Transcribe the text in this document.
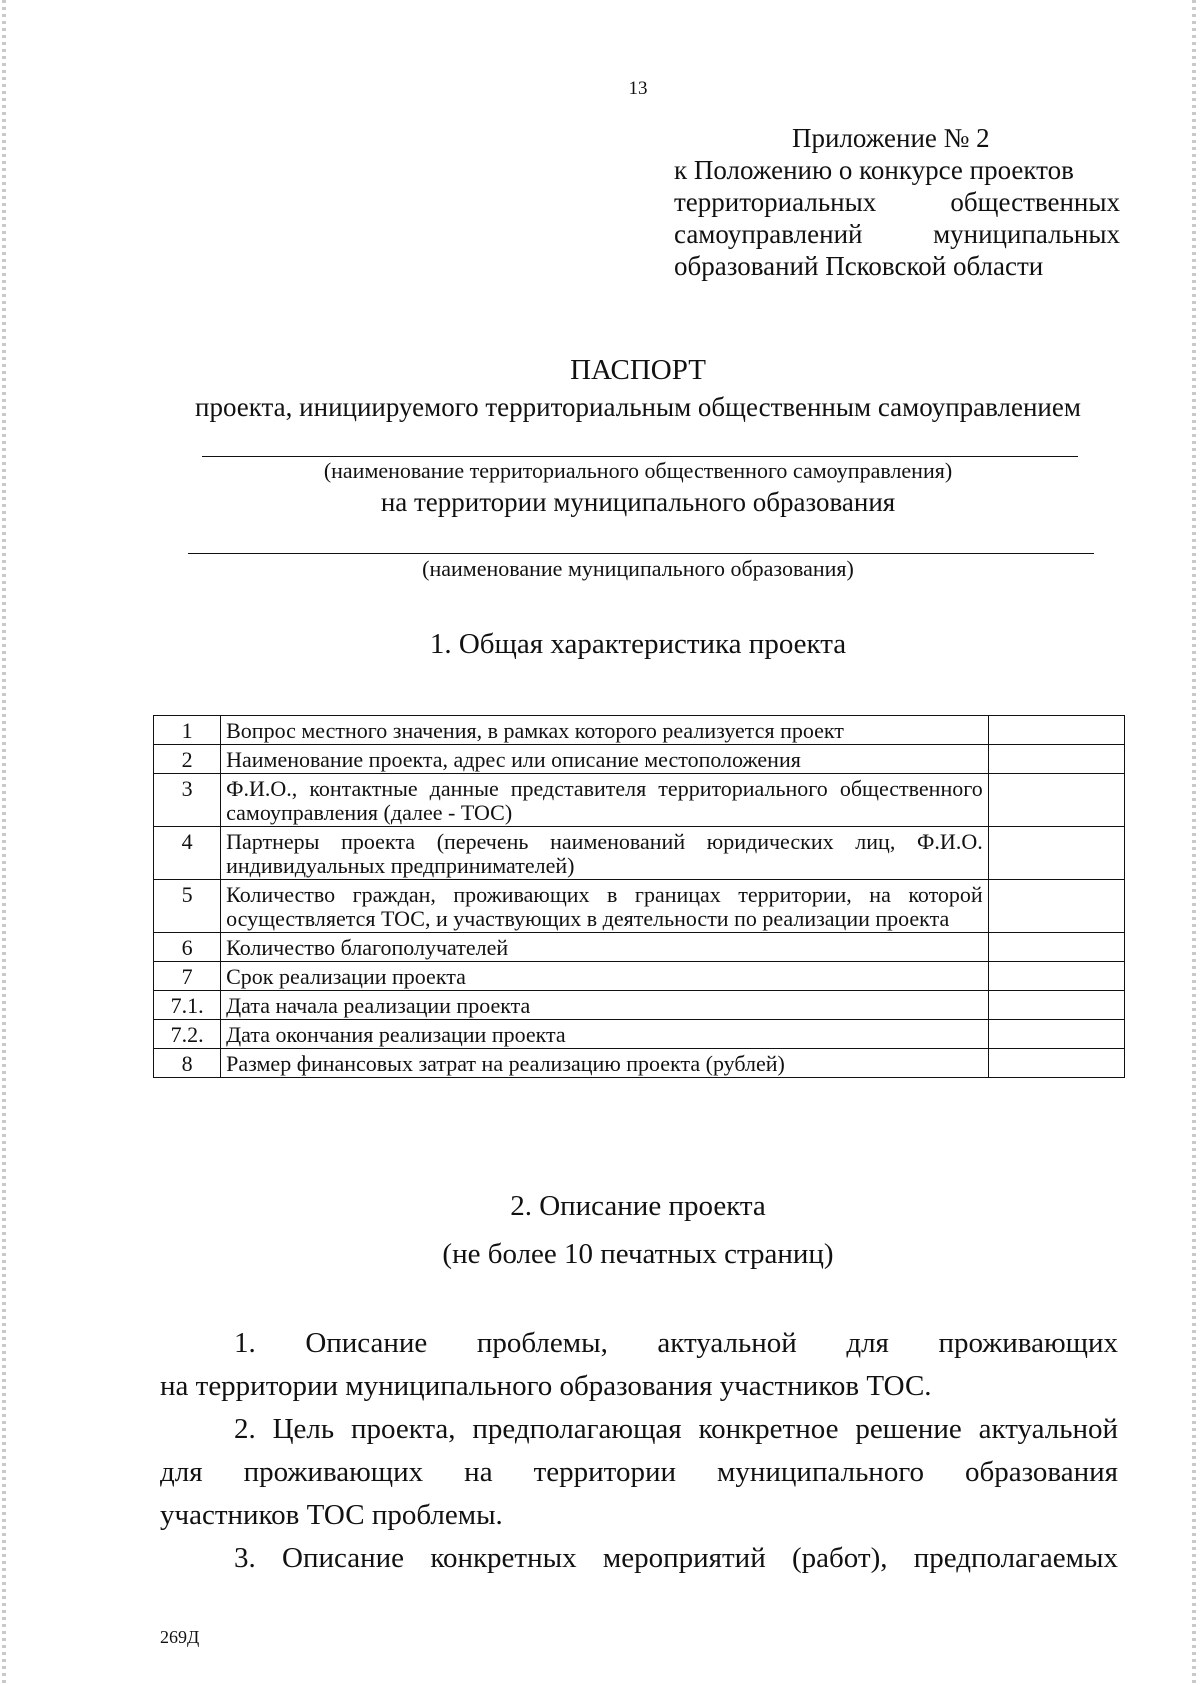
13
Приложение № 2
к Положению о конкурсе проектов
территориальных общественных
самоуправлений муниципальных
образований Псковской области
ПАСПОРТ
проекта, инициируемого территориальным общественным самоуправлением
(наименование территориального общественного самоуправления)
на территории муниципального образования
(наименование муниципального образования)
1. Общая характеристика проекта
1	Вопрос местного значения, в рамках которого реализуется проект	
2	Наименование проекта, адрес или описание местоположения	
3	Ф.И.О., контактные данные представителя территориального общественного самоуправления (далее - ТОС)	
4	Партнеры проекта (перечень наименований юридических лиц, Ф.И.О. индивидуальных предпринимателей)	
5	Количество граждан, проживающих в границах территории, на которой осуществляется ТОС, и участвующих в деятельности по реализации проекта	
6	Количество благополучателей	
7	Срок реализации проекта	
7.1.	Дата начала реализации проекта	
7.2.	Дата окончания реализации проекта	
8	Размер финансовых затрат на реализацию проекта (рублей)	
2. Описание проекта
(не более 10 печатных страниц)
1. Описание проблемы, актуальной для проживающих
на территории муниципального образования участников ТОС.
2. Цель проекта, предполагающая конкретное решение актуальной
для проживающих на территории муниципального образования
участников ТОС проблемы.
3. Описание конкретных мероприятий (работ), предполагаемых
269Д
